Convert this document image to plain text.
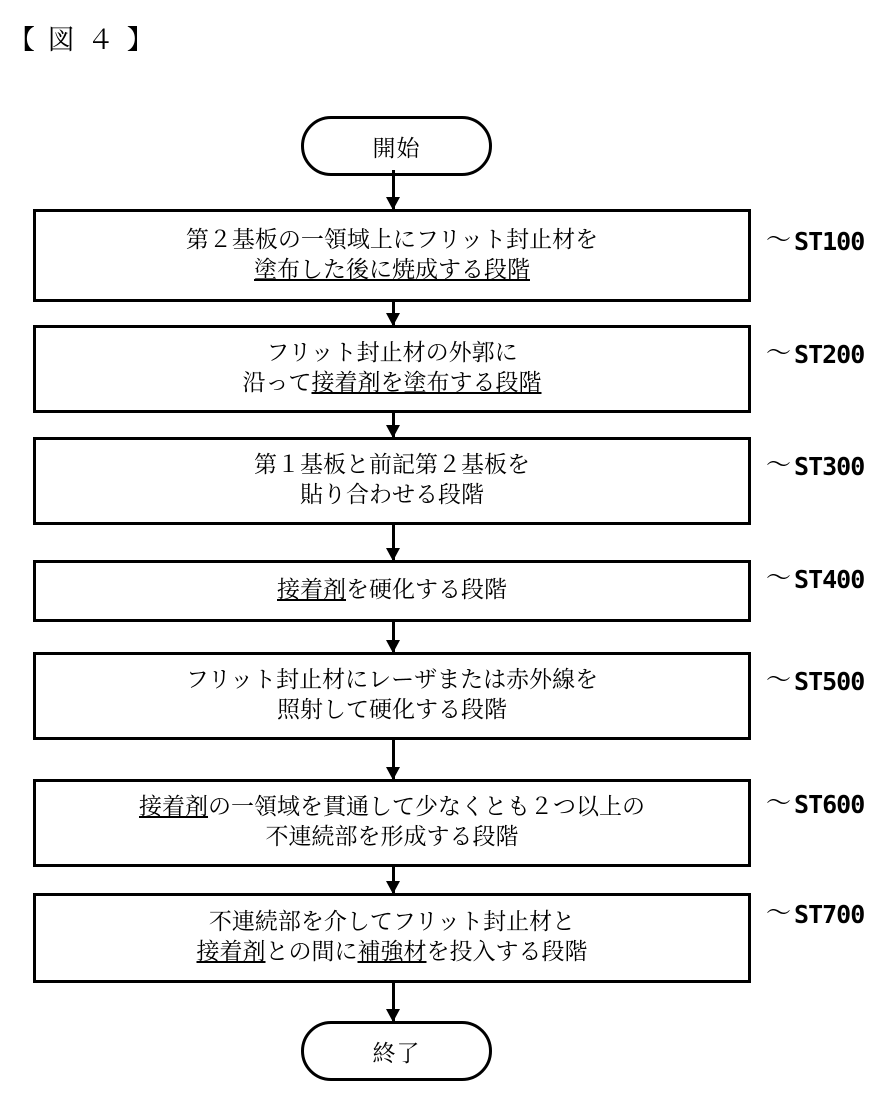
【 図 ４ 】
開始
第２基板の一領域上にフリット封止材を
塗布した後に焼成する段階
～ ST100
フリット封止材の外郭に
沿って接着剤を塗布する段階
～ ST200
第１基板と前記第２基板を
貼り合わせる段階
～ ST300
接着剤を硬化する段階	～ ST400
フリット封止材にレーザまたは赤外線を
照射して硬化する段階
～ ST500
接着剤の一領域を貫通して少なくとも２つ以上の
不連続部を形成する段階
～ ST600
不連続部を介してフリット封止材と
接着剤との間に補強材を投入する段階
～ ST700
終了
